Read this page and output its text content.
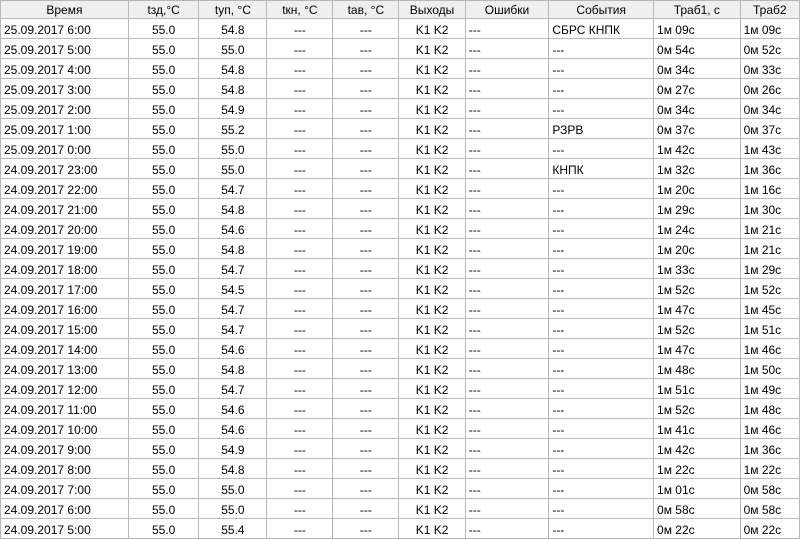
Время	tзд,°С	tуп, °С	tкн, °С	tав, °С	Выходы	Ошибки	События	Траб1, с	Траб2
25.09.2017 6:00	55.0	54.8	---	---	K1 K2	---	СБРС КНПК	1м 09с	1м 09с
25.09.2017 5:00	55.0	55.0	---	---	K1 K2	---	---	0м 54с	0м 52с
25.09.2017 4:00	55.0	54.8	---	---	K1 K2	---	---	0м 34с	0м 33с
25.09.2017 3:00	55.0	54.8	---	---	K1 K2	---	---	0м 27с	0м 26с
25.09.2017 2:00	55.0	54.9	---	---	K1 K2	---	---	0м 34с	0м 34с
25.09.2017 1:00	55.0	55.2	---	---	K1 K2	---	РЗРВ	0м 37с	0м 37с
25.09.2017 0:00	55.0	55.0	---	---	K1 K2	---	---	1м 42с	1м 43с
24.09.2017 23:00	55.0	55.0	---	---	K1 K2	---	КНПК	1м 32с	1м 36с
24.09.2017 22:00	55.0	54.7	---	---	K1 K2	---	---	1м 20с	1м 16с
24.09.2017 21:00	55.0	54.8	---	---	K1 K2	---	---	1м 29с	1м 30с
24.09.2017 20:00	55.0	54.6	---	---	K1 K2	---	---	1м 24с	1м 21с
24.09.2017 19:00	55.0	54.8	---	---	K1 K2	---	---	1м 20с	1м 21с
24.09.2017 18:00	55.0	54.7	---	---	K1 K2	---	---	1м 33с	1м 29с
24.09.2017 17:00	55.0	54.5	---	---	K1 K2	---	---	1м 52с	1м 52с
24.09.2017 16:00	55.0	54.7	---	---	K1 K2	---	---	1м 47с	1м 45с
24.09.2017 15:00	55.0	54.7	---	---	K1 K2	---	---	1м 52с	1м 51с
24.09.2017 14:00	55.0	54.6	---	---	K1 K2	---	---	1м 47с	1м 46с
24.09.2017 13:00	55.0	54.8	---	---	K1 K2	---	---	1м 48с	1м 50с
24.09.2017 12:00	55.0	54.7	---	---	K1 K2	---	---	1м 51с	1м 49с
24.09.2017 11:00	55.0	54.6	---	---	K1 K2	---	---	1м 52с	1м 48с
24.09.2017 10:00	55.0	54.6	---	---	K1 K2	---	---	1м 41с	1м 46с
24.09.2017 9:00	55.0	54.9	---	---	K1 K2	---	---	1м 42с	1м 36с
24.09.2017 8:00	55.0	54.8	---	---	K1 K2	---	---	1м 22с	1м 22с
24.09.2017 7:00	55.0	55.0	---	---	K1 K2	---	---	1м 01с	0м 58с
24.09.2017 6:00	55.0	55.0	---	---	K1 K2	---	---	0м 58с	0м 58с
24.09.2017 5:00	55.0	55.4	---	---	K1 K2	---	---	0м 22с	0м 22с
